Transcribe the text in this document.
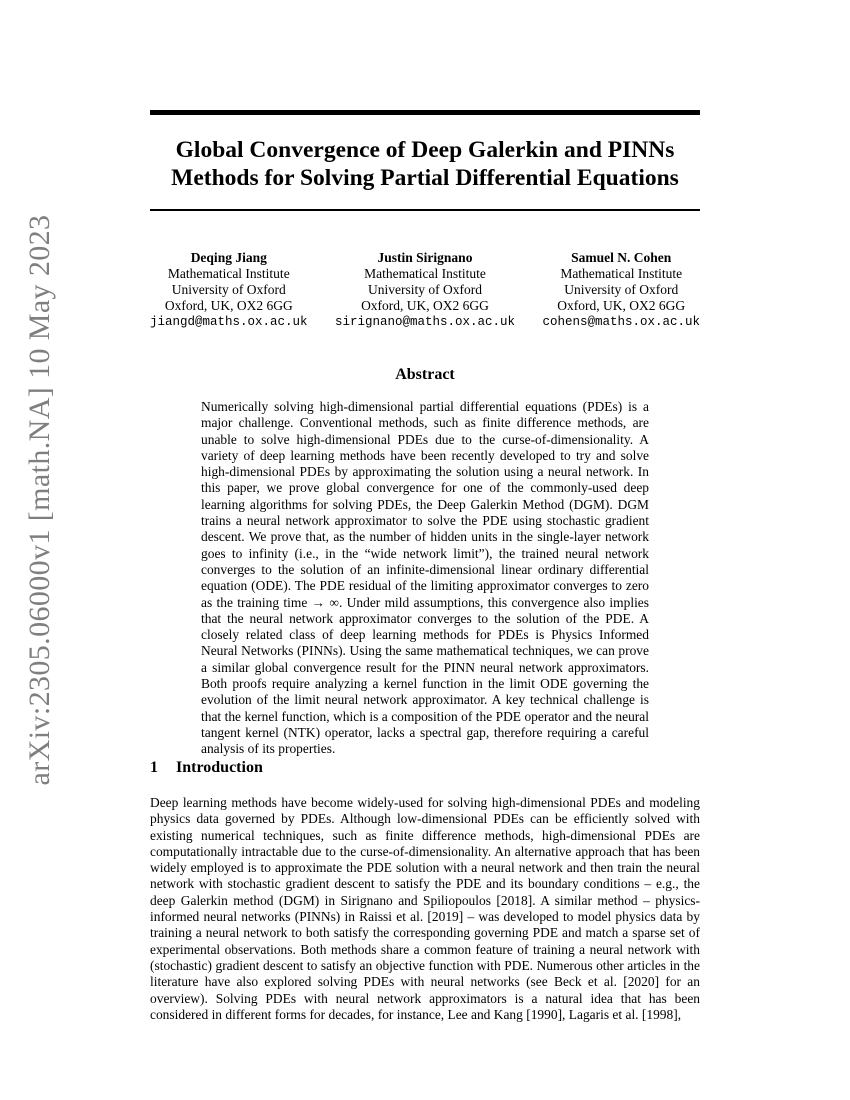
arXiv:2305.06000v1 [math.NA] 10 May 2023
Global Convergence of Deep Galerkin and PINNs Methods for Solving Partial Differential Equations
Deqing Jiang
Mathematical Institute
University of Oxford
Oxford, UK, OX2 6GG
jiangd@maths.ox.ac.uk
Justin Sirignano
Mathematical Institute
University of Oxford
Oxford, UK, OX2 6GG
sirignano@maths.ox.ac.uk
Samuel N. Cohen
Mathematical Institute
University of Oxford
Oxford, UK, OX2 6GG
cohens@maths.ox.ac.uk
Abstract

Numerically solving high-dimensional partial differential equations (PDEs) is a major challenge. Conventional methods, such as finite difference methods, are unable to solve high-dimensional PDEs due to the curse-of-dimensionality. A variety of deep learning methods have been recently developed to try and solve high-dimensional PDEs by approximating the solution using a neural network. In this paper, we prove global convergence for one of the commonly-used deep learning algorithms for solving PDEs, the Deep Galerkin Method (DGM). DGM trains a neural network approximator to solve the PDE using stochastic gradient descent. We prove that, as the number of hidden units in the single-layer network goes to infinity (i.e., in the “wide network limit”), the trained neural network converges to the solution of an infinite-dimensional linear ordinary differential equation (ODE). The PDE residual of the limiting approximator converges to zero as the training time → ∞. Under mild assumptions, this convergence also implies that the neural network approximator converges to the solution of the PDE. A closely related class of deep learning methods for PDEs is Physics Informed Neural Networks (PINNs). Using the same mathematical techniques, we can prove a similar global convergence result for the PINN neural network approximators. Both proofs require analyzing a kernel function in the limit ODE governing the evolution of the limit neural network approximator. A key technical challenge is that the kernel function, which is a composition of the PDE operator and the neural tangent kernel (NTK) operator, lacks a spectral gap, therefore requiring a careful analysis of its properties.

1 Introduction

Deep learning methods have become widely-used for solving high-dimensional PDEs and modeling physics data governed by PDEs. Although low-dimensional PDEs can be efficiently solved with existing numerical techniques, such as finite difference methods, high-dimensional PDEs are computationally intractable due to the curse-of-dimensionality. An alternative approach that has been widely employed is to approximate the PDE solution with a neural network and then train the neural network with stochastic gradient descent to satisfy the PDE and its boundary conditions – e.g., the deep Galerkin method (DGM) in Sirignano and Spiliopoulos [2018]. A similar method – physics-informed neural networks (PINNs) in Raissi et al. [2019] – was developed to model physics data by training a neural network to both satisfy the corresponding governing PDE and match a sparse set of experimental observations. Both methods share a common feature of training a neural network with (stochastic) gradient descent to satisfy an objective function with PDE. Numerous other articles in the literature have also explored solving PDEs with neural networks (see Beck et al. [2020] for an overview). Solving PDEs with neural network approximators is a natural idea that has been considered in different forms for decades, for instance, Lee and Kang [1990], Lagaris et al. [1998],
